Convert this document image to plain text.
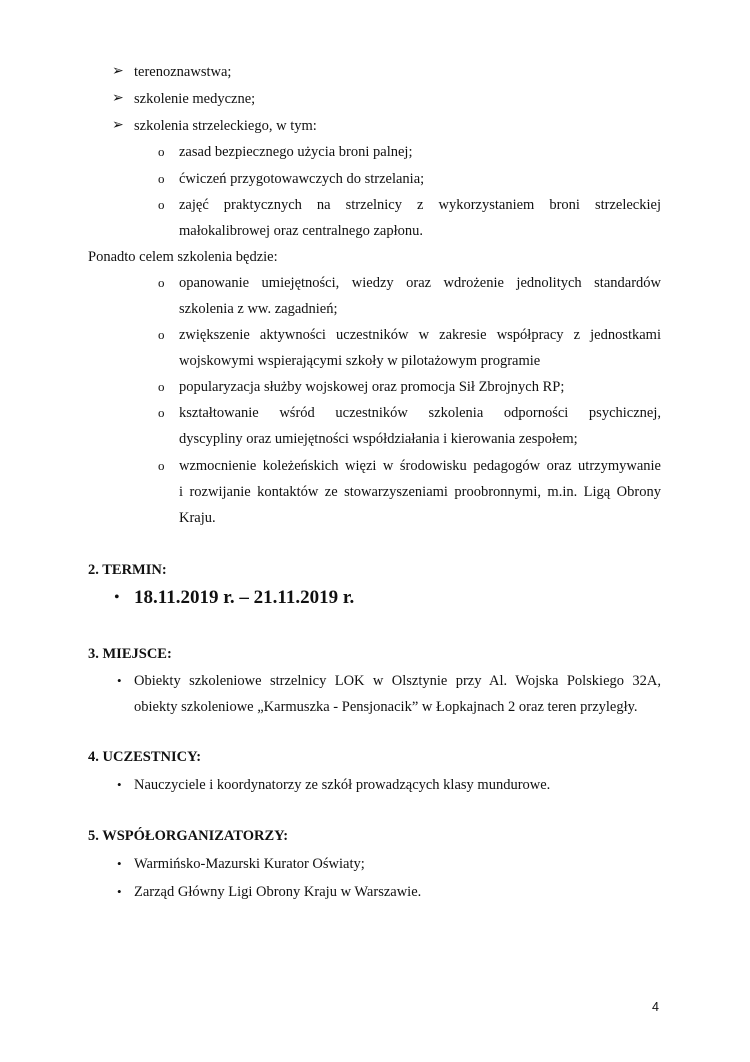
➢ terenoznawstwa;
➢ szkolenie medyczne;
➢ szkolenia strzeleckiego, w tym:
o zasad bezpiecznego użycia broni palnej;
o ćwiczeń przygotowawczych do strzelania;
o zajęć praktycznych na strzelnicy z wykorzystaniem broni strzeleckiej
małokalibrowej oraz centralnego zapłonu.
Ponadto celem szkolenia będzie:
o opanowanie umiejętności, wiedzy oraz wdrożenie jednolitych standardów
szkolenia z ww. zagadnień;
o zwiększenie aktywności uczestników w zakresie współpracy z jednostkami
wojskowymi wspierającymi szkoły w pilotażowym programie
o popularyzacja służby wojskowej oraz promocja Sił Zbrojnych RP;
o kształtowanie wśród uczestników szkolenia odporności psychicznej,
dyscypliny oraz umiejętności współdziałania i kierowania zespołem;
o wzmocnienie koleżeńskich więzi w środowisku pedagogów oraz utrzymywanie
i rozwijanie kontaktów ze stowarzyszeniami proobronnymi, m.in. Ligą Obrony
Kraju.
2. TERMIN:
• 18.11.2019 r. – 21.11.2019 r.
3. MIEJSCE:
• Obiekty szkoleniowe strzelnicy LOK w Olsztynie przy Al. Wojska Polskiego 32A,
obiekty szkoleniowe „Karmuszka - Pensjonacik” w Łopkajnach 2 oraz teren przyległy.
4. UCZESTNICY:
• Nauczyciele i koordynatorzy ze szkół prowadzących klasy mundurowe.
5. WSPÓŁORGANIZATORZY:
• Warmińsko-Mazurski Kurator Oświaty;
• Zarząd Główny Ligi Obrony Kraju w Warszawie.
4
